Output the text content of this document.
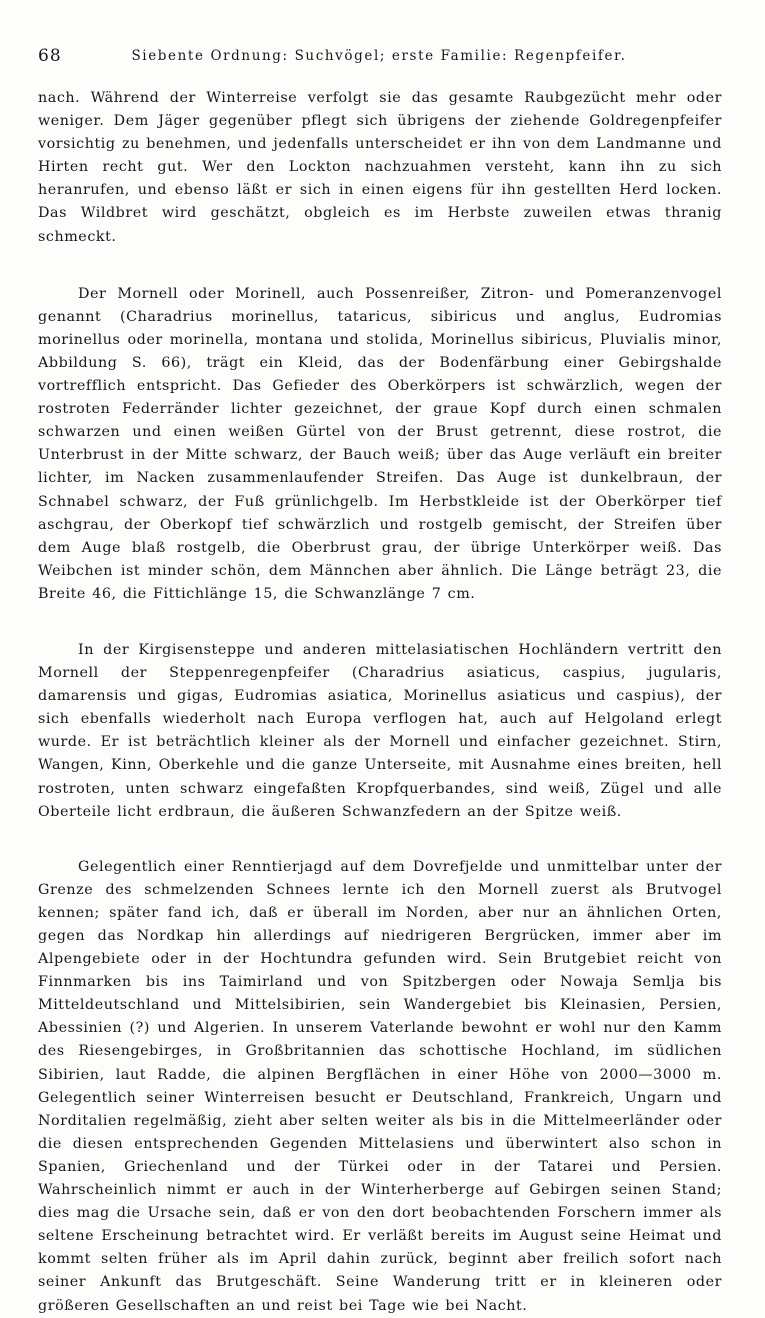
68	Siebente Ordnung: Suchvögel; erste Familie: Regenpfeifer.

nach. Während der Winterreise verfolgt sie das gesamte Raubgezücht mehr oder weniger. Dem Jäger gegenüber pflegt sich übrigens der ziehende Goldregenpfeifer vorsichtig zu benehmen, und jedenfalls unterscheidet er ihn von dem Landmanne und Hirten recht gut. Wer den Lockton nachzuahmen versteht, kann ihn zu sich heranrufen, und ebenso läßt er sich in einen eigens für ihn gestellten Herd locken. Das Wildbret wird geschätzt, obgleich es im Herbste zuweilen etwas thranig schmeckt.

Der Mornell oder Morinell, auch Possenreißer, Zitron- und Pomeranzenvogel genannt (Charadrius morinellus, tataricus, sibiricus und anglus, Eudromias morinellus oder morinella, montana und stolida, Morinellus sibiricus, Pluvialis minor, Abbildung S. 66), trägt ein Kleid, das der Bodenfärbung einer Gebirgshalde vortrefflich entspricht. Das Gefieder des Oberkörpers ist schwärzlich, wegen der rostroten Federränder lichter gezeichnet, der graue Kopf durch einen schmalen schwarzen und einen weißen Gürtel von der Brust getrennt, diese rostrot, die Unterbrust in der Mitte schwarz, der Bauch weiß; über das Auge verläuft ein breiter lichter, im Nacken zusammenlaufender Streifen. Das Auge ist dunkelbraun, der Schnabel schwarz, der Fuß grünlichgelb. Im Herbstkleide ist der Oberkörper tief aschgrau, der Oberkopf tief schwärzlich und rostgelb gemischt, der Streifen über dem Auge blaß rostgelb, die Oberbrust grau, der übrige Unterkörper weiß. Das Weibchen ist minder schön, dem Männchen aber ähnlich. Die Länge beträgt 23, die Breite 46, die Fittichlänge 15, die Schwanzlänge 7 cm.

In der Kirgisensteppe und anderen mittelasiatischen Hochländern vertritt den Mornell der Steppenregenpfeifer (Charadrius asiaticus, caspius, jugularis, damarensis und gigas, Eudromias asiatica, Morinellus asiaticus und caspius), der sich ebenfalls wiederholt nach Europa verflogen hat, auch auf Helgoland erlegt wurde. Er ist beträchtlich kleiner als der Mornell und einfacher gezeichnet. Stirn, Wangen, Kinn, Oberkehle und die ganze Unterseite, mit Ausnahme eines breiten, hell rostroten, unten schwarz eingefaßten Kropfquerbandes, sind weiß, Zügel und alle Oberteile licht erdbraun, die äußeren Schwanzfedern an der Spitze weiß.

Gelegentlich einer Renntierjagd auf dem Dovrefjelde und unmittelbar unter der Grenze des schmelzenden Schnees lernte ich den Mornell zuerst als Brutvogel kennen; später fand ich, daß er überall im Norden, aber nur an ähnlichen Orten, gegen das Nordkap hin allerdings auf niedrigeren Bergrücken, immer aber im Alpengebiete oder in der Hochtundra gefunden wird. Sein Brutgebiet reicht von Finnmarken bis ins Taimirland und von Spitzbergen oder Nowaja Semlja bis Mitteldeutschland und Mittelsibirien, sein Wandergebiet bis Kleinasien, Persien, Abessinien (?) und Algerien. In unserem Vaterlande bewohnt er wohl nur den Kamm des Riesengebirges, in Großbritannien das schottische Hochland, im südlichen Sibirien, laut Radde, die alpinen Bergflächen in einer Höhe von 2000—3000 m. Gelegentlich seiner Winterreisen besucht er Deutschland, Frankreich, Ungarn und Norditalien regelmäßig, zieht aber selten weiter als bis in die Mittelmeerländer oder die diesen entsprechenden Gegenden Mittelasiens und überwintert also schon in Spanien, Griechenland und der Türkei oder in der Tatarei und Persien. Wahrscheinlich nimmt er auch in der Winterherberge auf Gebirgen seinen Stand; dies mag die Ursache sein, daß er von den dort beobachtenden Forschern immer als seltene Erscheinung betrachtet wird. Er verläßt bereits im August seine Heimat und kommt selten früher als im April dahin zurück, beginnt aber freilich sofort nach seiner Ankunft das Brutgeschäft. Seine Wanderung tritt er in kleineren oder größeren Gesellschaften an und reist bei Tage wie bei Nacht.
